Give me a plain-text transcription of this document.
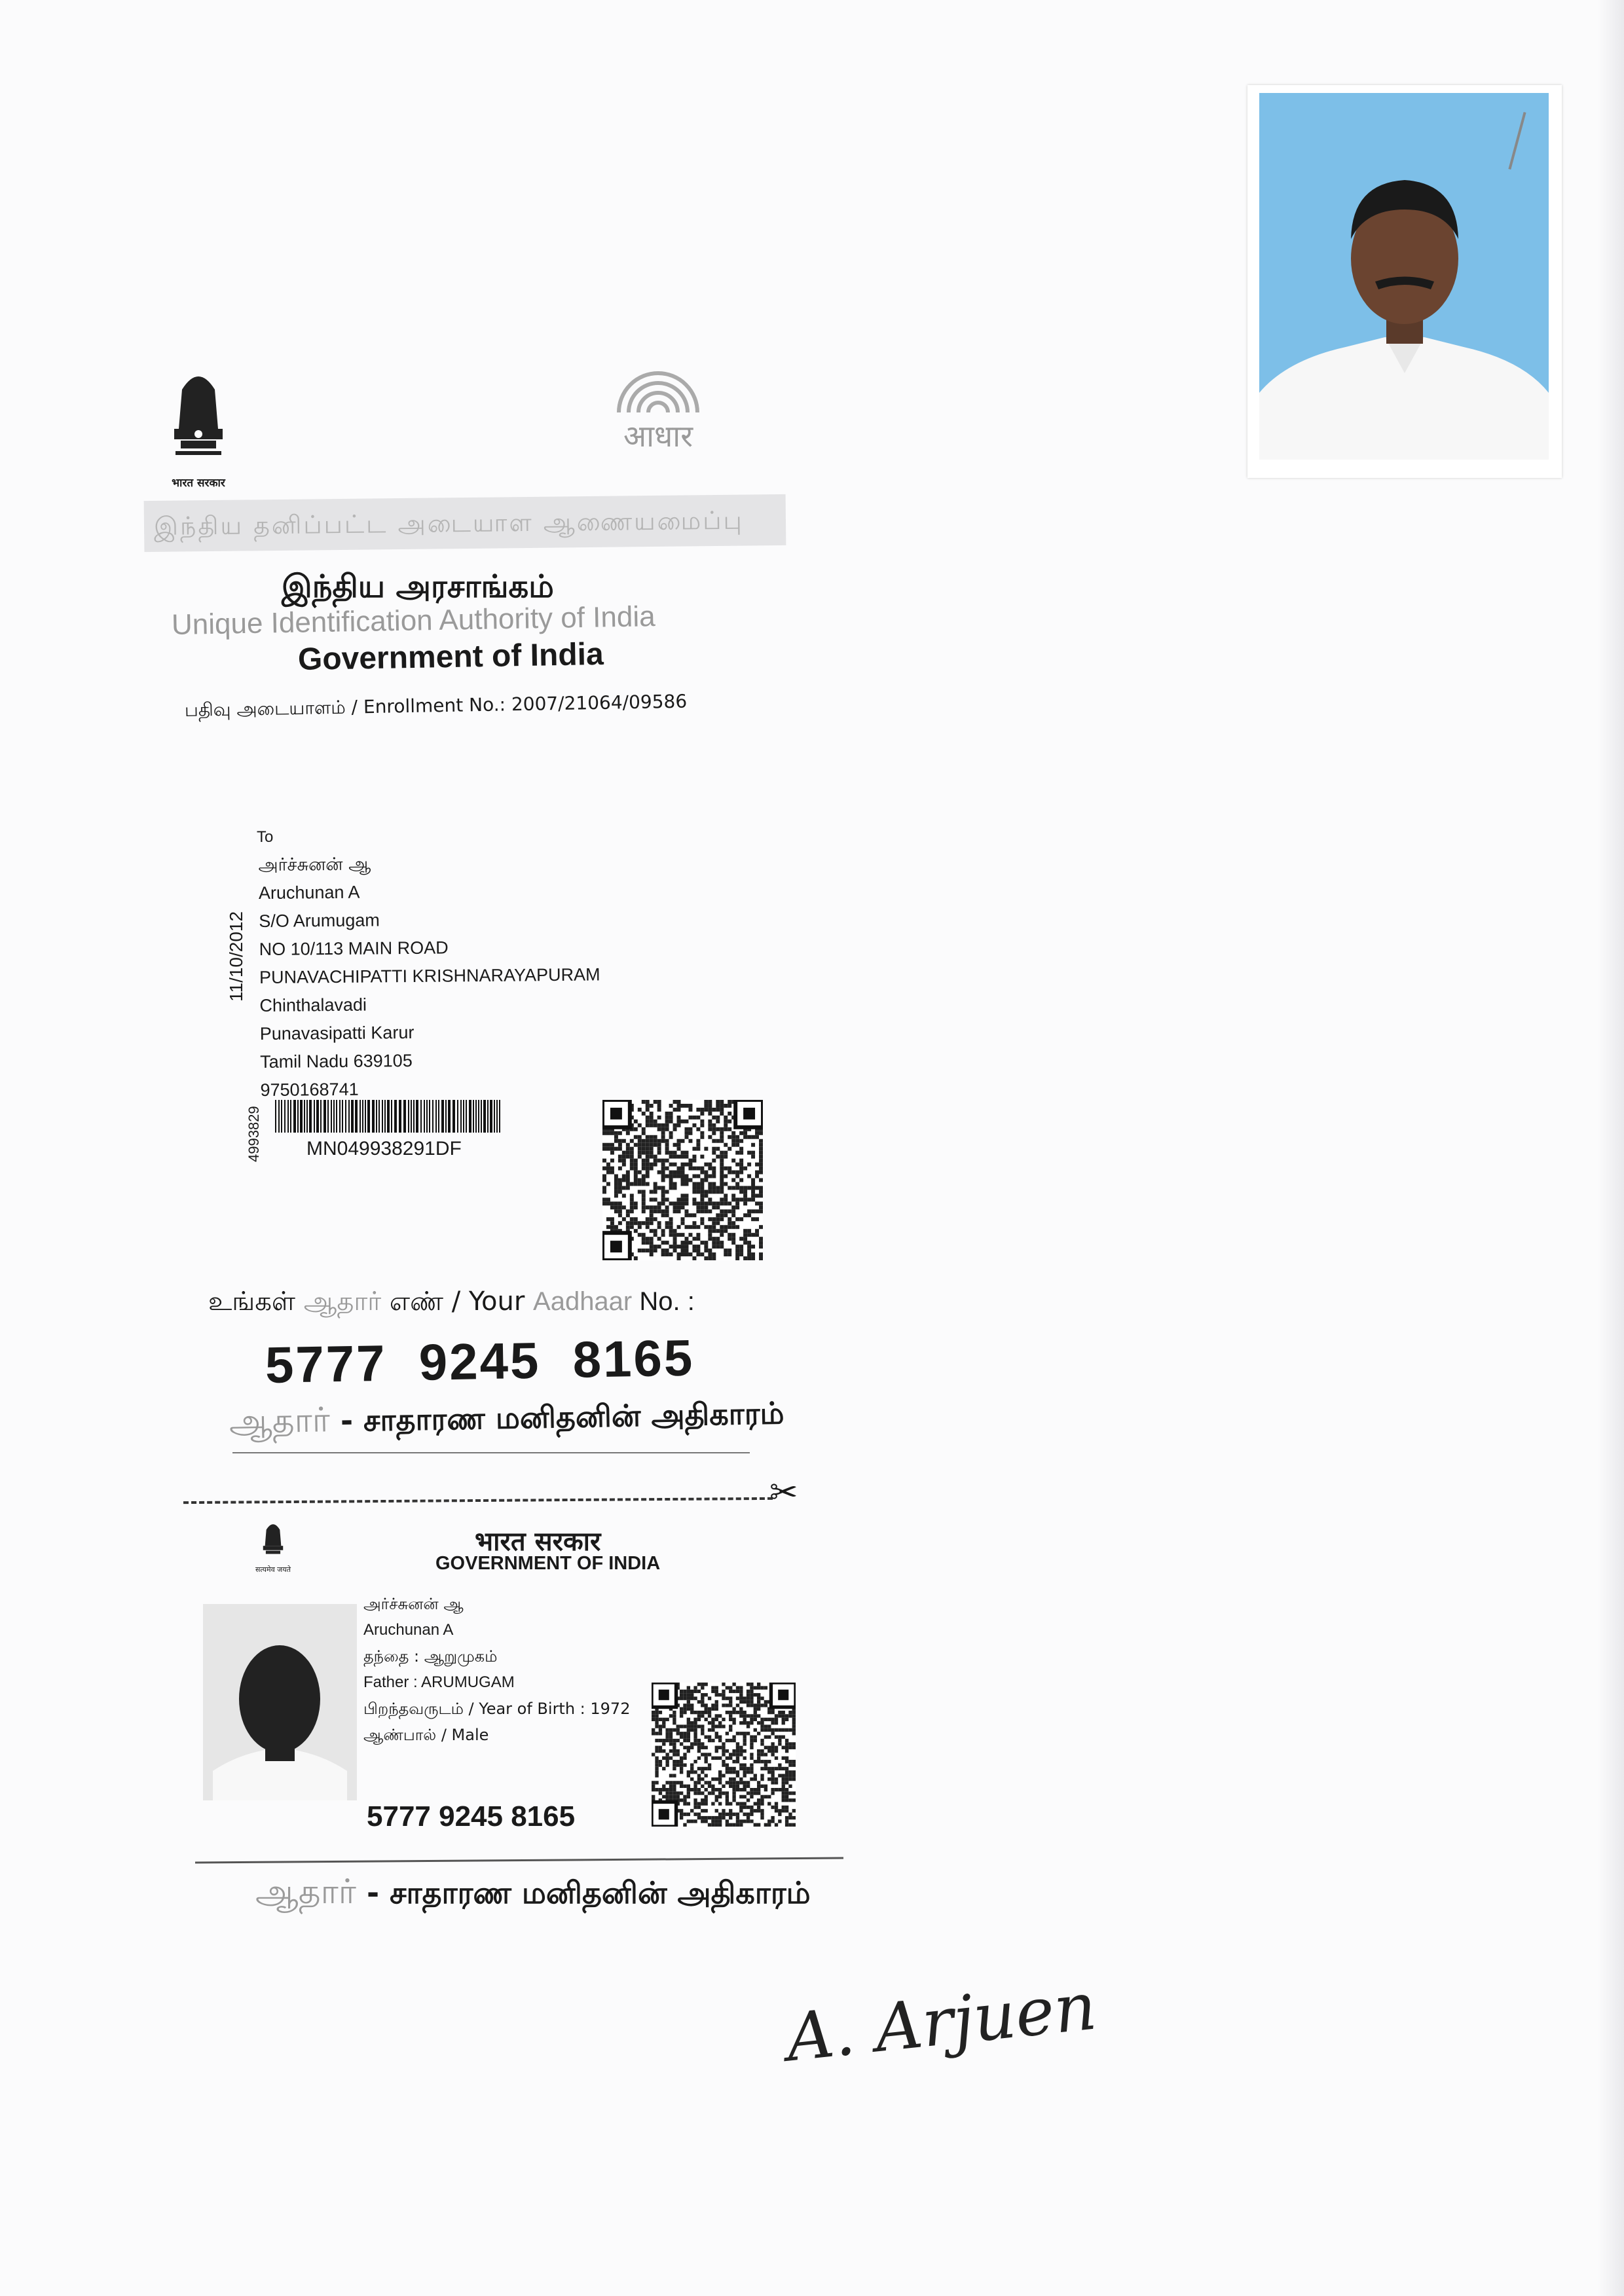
भारत सरकार
आधार
இந்திய தனிப்பட்ட அடையாள ஆணையமைப்பு
இந்திய அரசாங்கம்
Unique Identification Authority of India
Government of India
பதிவு அடையாளம் / Enrollment No.: 2007/21064/09586
To
அர்ச்சுனன் ஆ
Aruchunan A
S/O Arumugam
NO 10/113 MAIN ROAD
PUNAVACHIPATTI KRISHNARAYAPURAM
Chinthalavadi
Punavasipatti Karur
Tamil Nadu 639105
9750168741
11/10/2012
4993829 MN049938291DF
உங்கள் ஆதார் எண் / Your Aadhaar No. :
5777  9245  8165
ஆதார் - சாதாரண மனிதனின் அதிகாரம்
✂
सत्यमेव जयते
भारत सरकार
GOVERNMENT OF INDIA
அர்ச்சுனன் ஆ
Aruchunan A
தந்தை : ஆறுமுகம்
Father : ARUMUGAM
பிறந்தவருடம் / Year of Birth : 1972
ஆண்பால் / Male
5777 9245 8165
ஆதார் - சாதாரண மனிதனின் அதிகாரம்
A. Arjuen
